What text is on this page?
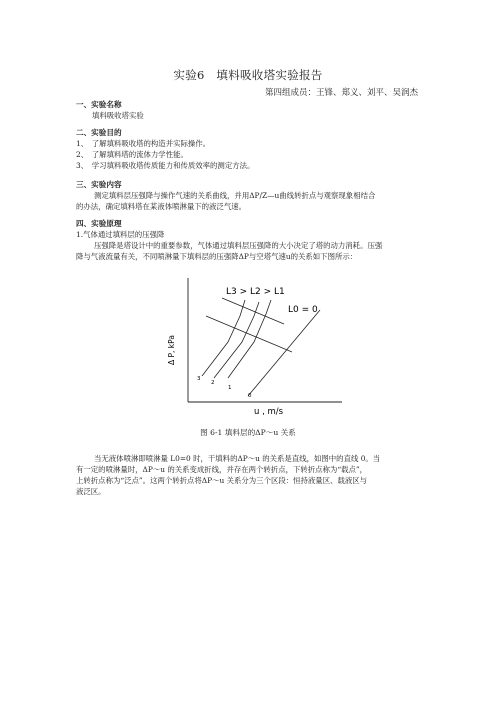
实验6　填料吸收塔实验报告
第四组成员：王锋、郑义、刘平、吴润杰
一、实验名称
填料吸收塔实验
二、实验目的
1、　了解填料吸收塔的构造并实际操作。
2、　了解填料塔的流体力学性能。
3、　学习填料吸收塔传质能力和传质效率的测定方法。
三、实验内容
测定填料层压强降与操作气速的关系曲线，并用ΔP/Z—u曲线转折点与观察现象相结合
的办法，确定填料塔在某液体喷淋量下的液泛气速。
四、实验原理
1.气体通过填料层的压强降
压强降是塔设计中的重要参数，气体通过填料层压强降的大小决定了塔的动力消耗。压强
降与气液流量有关，不同喷淋量下填料层的压强降ΔP与空塔气速u的关系如下图所示：
L3 > L2 > L1
L0 = 0
Δ P, kPa
u , m/s
3
2
1
0
图 6-1 填料层的ΔP～u 关系
当无液体喷淋即喷淋量 L0=0 时，干填料的ΔP～u 的关系是直线，如图中的直线 0。当
有一定的喷淋量时，ΔP～u 的关系变成折线，并存在两个转折点，下转折点称为“载点”，
上转折点称为“泛点”。这两个转折点将ΔP～u 关系分为三个区段：恒持液量区、载液区与
液泛区。
